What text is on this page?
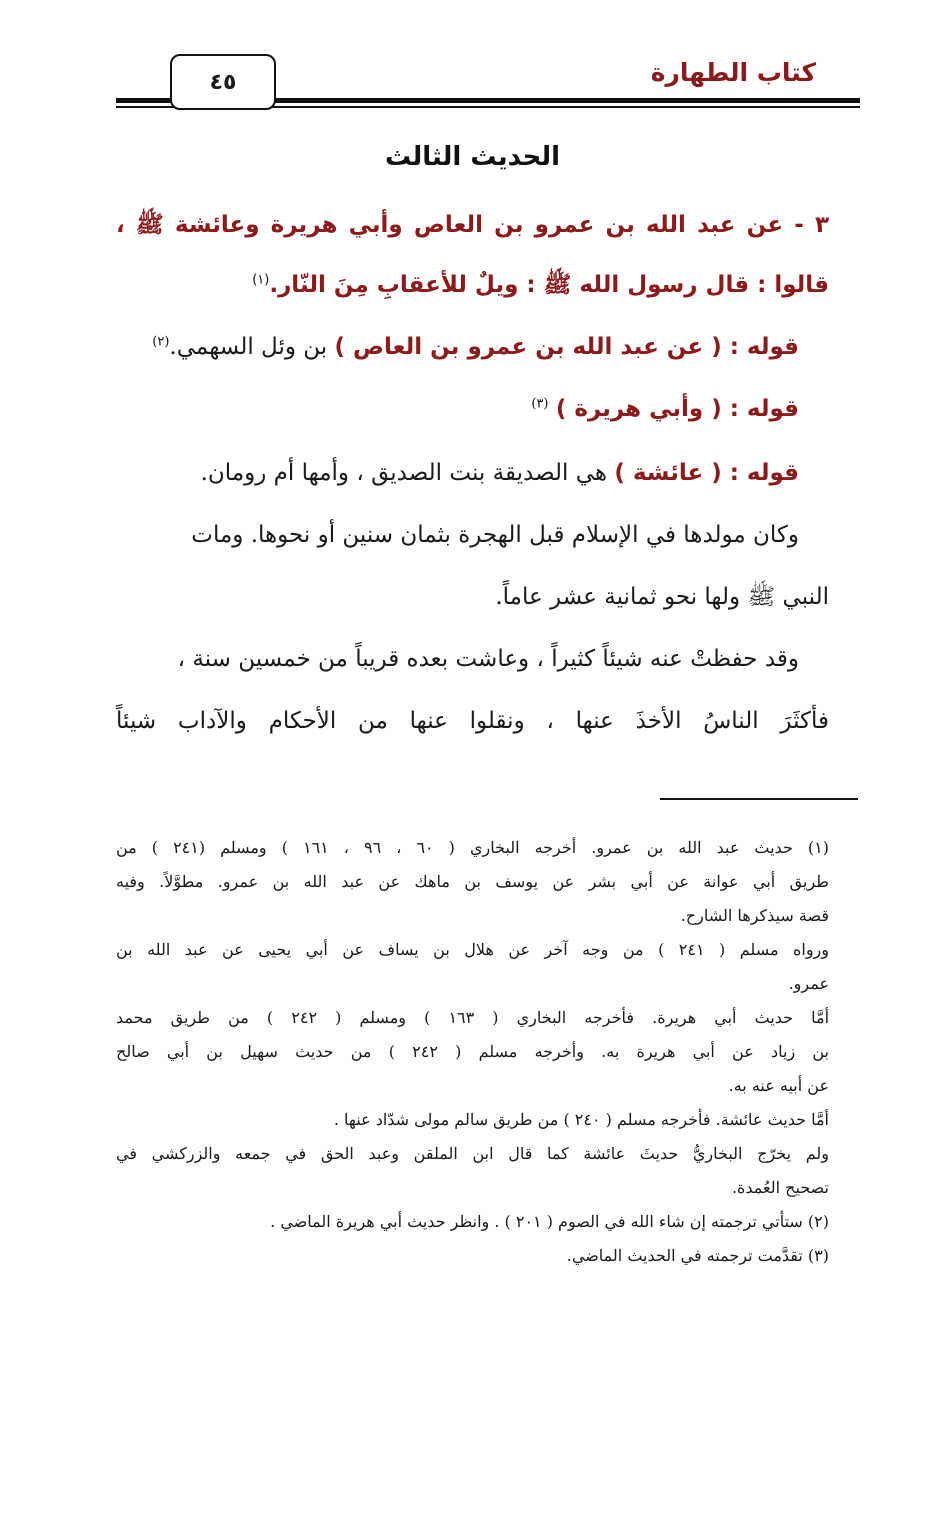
كتاب الطهارة
٤٥
الحديث الثالث
٣ - عن عبد الله بن عمرو بن العاص وأبي هريرة وعائشة ﷺ ،
قالوا : قال رسول الله ﷺ : ويلٌ للأعقابِ مِنَ النّار.$^{(١)}$
قوله : ( عن عبد الله بن عمرو بن العاص ) بن وئل السهمي.$^{(٢)}$
قوله : ( وأبي هريرة ) $^{(٣)}$
قوله : ( عائشة ) هي الصديقة بنت الصديق ، وأمها أم رومان.
وكان مولدها في الإسلام قبل الهجرة بثمان سنين أو نحوها. ومات
النبي ﷺ ولها نحو ثمانية عشر عاماً.
وقد حفظتْ عنه شيئاً كثيراً ، وعاشت بعده قريباً من خمسين سنة ،
فأكثَرَ الناسُ الأخذَ عنها ، ونقلوا عنها من الأحكام والآداب شيئاً
(١) حديث عبد الله بن عمرو. أخرجه البخاري ( ٦٠ ، ٩٦ ، ١٦١ ) ومسلم (٢٤١ ) من
طريق أبي عوانة عن أبي بشر عن يوسف بن ماهك عن عبد الله بن عمرو. مطوَّلاً. وفيه
قصة سيذكرها الشارح.
ورواه مسلم ( ٢٤١ ) من وجه آخر عن هلال بن يساف عن أبي يحيى عن عبد الله بن
عمرو.
أمَّا حديث أبي هريرة. فأخرجه البخاري ( ١٦٣ ) ومسلم ( ٢٤٢ ) من طريق محمد
بن زياد عن أبي هريرة به. وأخرجه مسلم ( ٢٤٢ ) من حديث سهيل بن أبي صالح
عن أبيه عنه به.
أمَّا حديث عائشة. فأخرجه مسلم ( ٢٤٠ ) من طريق سالم مولى شدّاد عنها .
ولم يخرّج البخاريُّ حديثَ عائشة كما قال ابن الملقن وعبد الحق في جمعه والزركشي في
تصحيح العُمدة.
(٢) ستأتي ترجمته إن شاء الله في الصوم ( ٢٠١ ) . وانظر حديث أبي هريرة الماضي .
(٣) تقدَّمت ترجمته في الحديث الماضي.
